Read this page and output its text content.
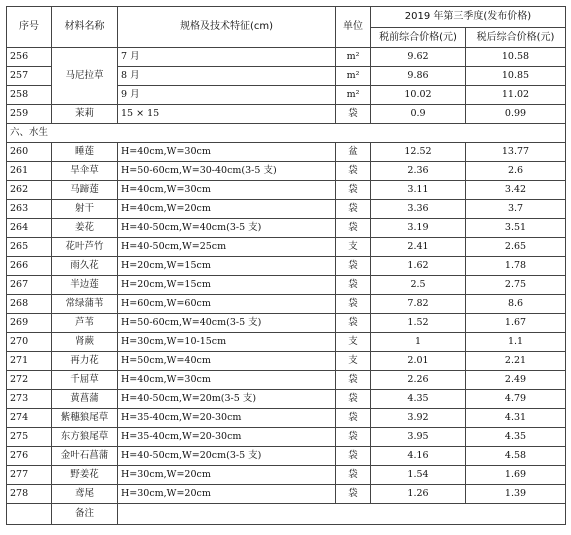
序号	材料名称	规格及技术特征(cm)	单位	2019 年第三季度(发布价格)	
				税前综合价格(元)	税后综合价格(元)
256	马尼拉草	7 月	m²	9.62	10.58
257		8 月	m²	9.86	10.85
258		9 月	m²	10.02	11.02
259	茉莉	15 × 15	袋	0.9	0.99
六、水生					
260	睡莲	H=40cm,W=30cm	盆	12.52	13.77
261	旱伞草	H=50-60cm,W=30-40cm(3-5 支)	袋	2.36	2.6
262	马蹄莲	H=40cm,W=30cm	袋	3.11	3.42
263	射干	H=40cm,W=20cm	袋	3.36	3.7
264	姜花	H=40-50cm,W=40cm(3-5 支)	袋	3.19	3.51
265	花叶芦竹	H=40-50cm,W=25cm	支	2.41	2.65
266	雨久花	H=20cm,W=15cm	袋	1.62	1.78
267	半边莲	H=20cm,W=15cm	袋	2.5	2.75
268	常绿蒲苇	H=60cm,W=60cm	袋	7.82	8.6
269	芦苇	H=50-60cm,W=40cm(3-5 支)	袋	1.52	1.67
270	肾蕨	H=30cm,W=10-15cm	支	1	1.1
271	再力花	H=50cm,W=40cm	支	2.01	2.21
272	千屈草	H=40cm,W=30cm	袋	2.26	2.49
273	黄菖蒲	H=40-50cm,W=20m(3-5 支)	袋	4.35	4.79
274	紫穗狼尾草	H=35-40cm,W=20-30cm	袋	3.92	4.31
275	东方狼尾草	H=35-40cm,W=20-30cm	袋	3.95	4.35
276	金叶石菖蒲	H=40-50cm,W=20cm(3-5 支)	袋	4.16	4.58
277	野姜花	H=30cm,W=20cm	袋	1.54	1.69
278	鸢尾	H=30cm,W=20cm	袋	1.26	1.39
	备注				
